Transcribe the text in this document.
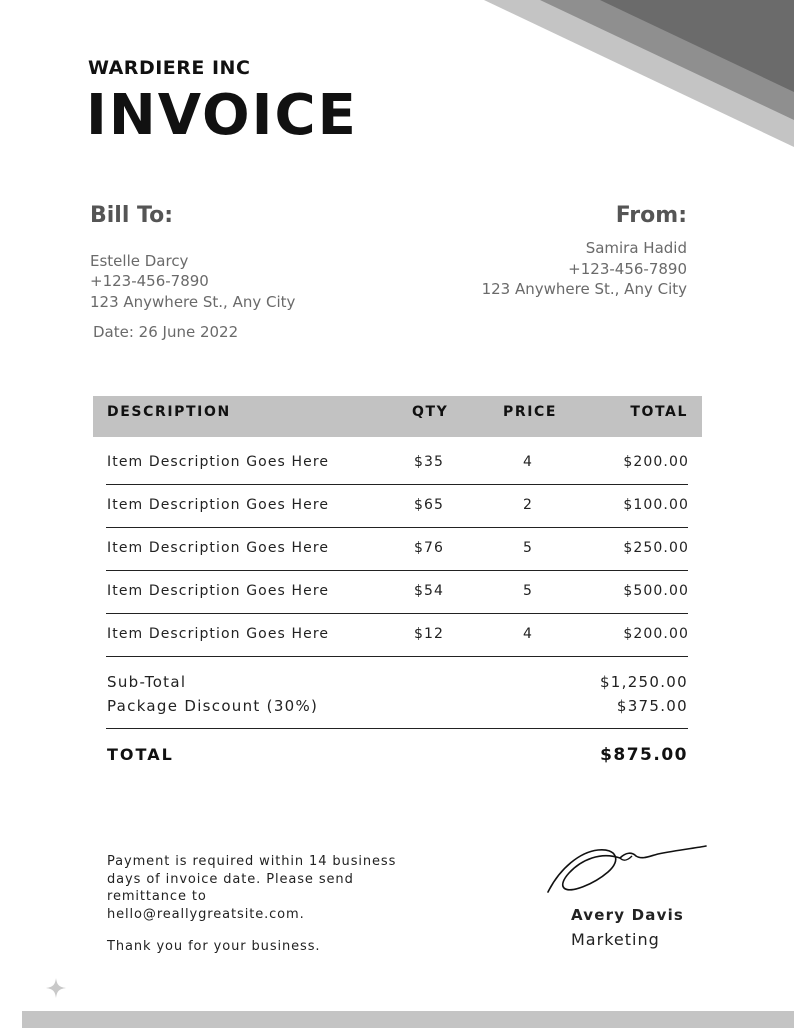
WARDIERE INC
INVOICE
Bill To:
Estelle Darcy
+123-456-7890
123 Anywhere St., Any City
Date: 26 June 2022
From:
Samira Hadid
+123-456-7890
123 Anywhere St., Any City
DESCRIPTION	QTY	PRICE	TOTAL
Item Description Goes Here	$35	4	$200.00
Item Description Goes Here	$65	2	$100.00
Item Description Goes Here	$76	5	$250.00
Item Description Goes Here	$54	5	$500.00
Item Description Goes Here	$12	4	$200.00
Sub-Total	$1,250.00
Package Discount (30%)	$375.00
TOTAL	$875.00
Payment is required within 14 business days of invoice date. Please send remittance to hello@reallygreatsite.com.
Thank you for your business.
Avery Davis
Marketing
